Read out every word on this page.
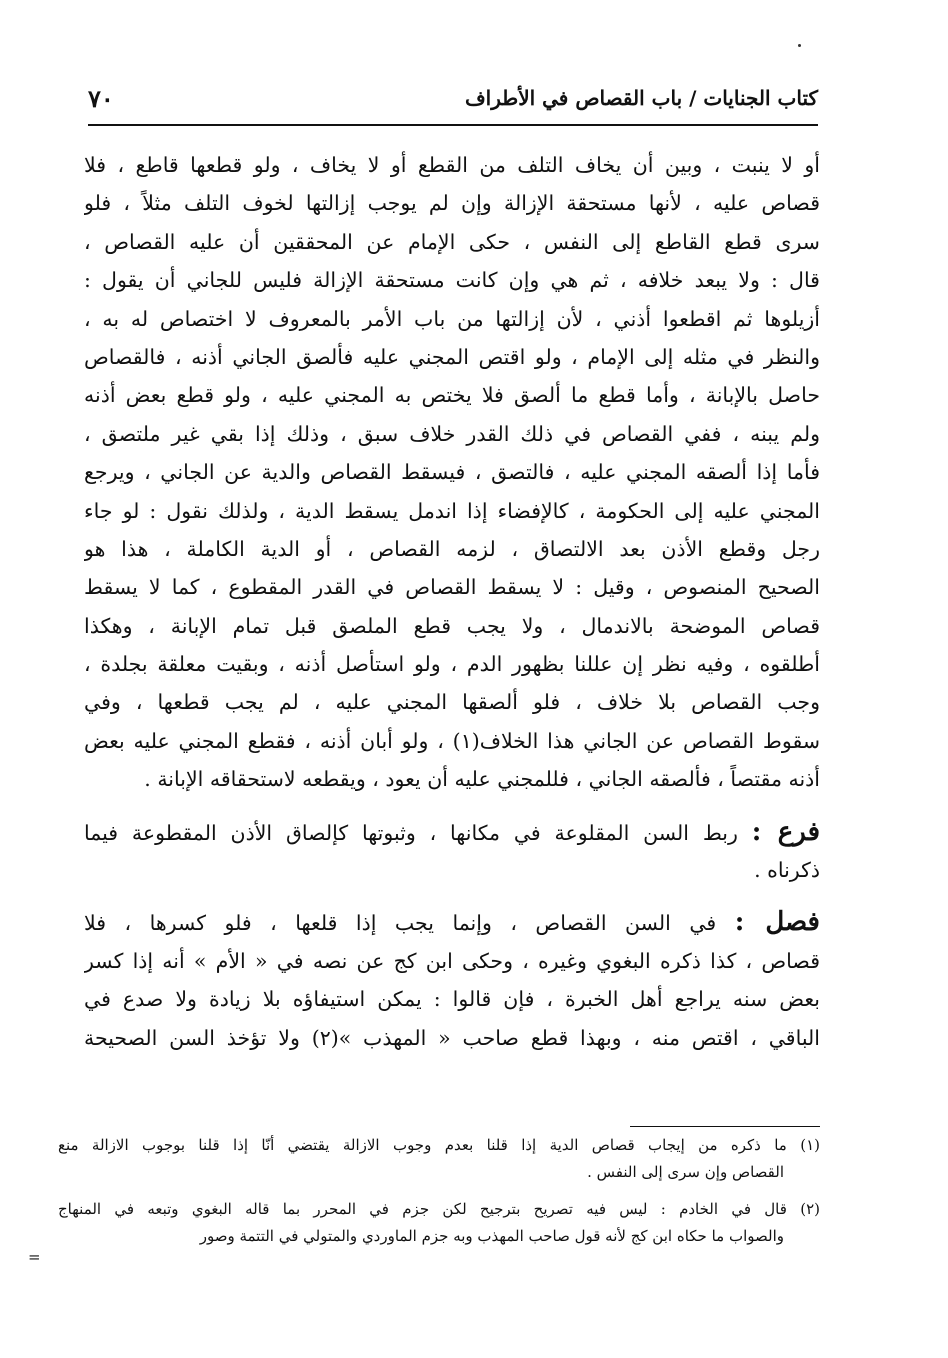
كتاب الجنايات / باب القصاص في الأطراف
٧٠
أو لا ينبت ، وبين أن يخاف التلف من القطع أو لا يخاف ، ولو قطعها قاطع ، فلا
قصاص عليه ، لأنها مستحقة الإزالة وإن لم يوجب إزالتها لخوف التلف مثلاً ، فلو
سرى قطع القاطع إلى النفس ، حكى الإمام عن المحققين أن عليه القصاص ،
قال : ولا يبعد خلافه ، ثم هي وإن كانت مستحقة الإزالة فليس للجاني أن يقول :
أزيلوها ثم اقطعوا أذني ، لأن إزالتها من باب الأمر بالمعروف لا اختصاص له به ،
والنظر في مثله إلى الإمام ، ولو اقتص المجني عليه فألصق الجاني أذنه ، فالقصاص
حاصل بالإبانة ، وأما قطع ما ألصق فلا يختص به المجني عليه ، ولو قطع بعض أذنه
ولم يبنه ، ففي القصاص في ذلك القدر خلاف سبق ، وذلك إذا بقي غير ملتصق ،
فأما إذا ألصقه المجني عليه ، فالتصق ، فيسقط القصاص والدية عن الجاني ، ويرجع
المجني عليه إلى الحكومة ، كالإفضاء إذا اندمل يسقط الدية ، ولذلك نقول : لو جاء
رجل وقطع الأذن بعد الالتصاق ، لزمه القصاص ، أو الدية الكاملة ، هذا هو
الصحيح المنصوص ، وقيل : لا يسقط القصاص في القدر المقطوع ، كما لا يسقط
قصاص الموضحة بالاندمال ، ولا يجب قطع الملصق قبل تمام الإبانة ، وهكذا
أطلقوه ، وفيه نظر إن عللنا بظهور الدم ، ولو استأصل أذنه ، وبقيت معلقة بجلدة ،
وجب القصاص بلا خلاف ، فلو ألصقها المجني عليه ، لم يجب قطعها ، وفي
سقوط القصاص عن الجاني هذا الخلاف(١) ، ولو أبان أذنه ، فقطع المجني عليه بعض
أذنه مقتصاً ، فألصقه الجاني ، فللمجني عليه أن يعود ، ويقطعه لاستحقاقه الإبانة .
فرع : ربط السن المقلوعة في مكانها ، وثبوتها كإلصاق الأذن المقطوعة فيما
ذكرناه .
فصل : في السن القصاص ، وإنما يجب إذا قلعها ، فلو كسرها ، فلا
قصاص ، كذا ذكره البغوي وغيره ، وحكى ابن كج عن نصه في « الأم » أنه إذا كسر
بعض سنه يراجع أهل الخبرة ، فإن قالوا : يمكن استيفاؤه بلا زيادة ولا صدع في
الباقي ، اقتص منه ، وبهذا قطع صاحب « المهذب »(٢) ولا تؤخذ السن الصحيحة
(١) ما ذكره من إيجاب قصاص الدية إذا قلنا بعدم وجوب الازالة يقتضي أنّا إذا قلنا بوجوب الازالة منع
القصاص وإن سرى إلى النفس .
(٢) قال في الخادم : ليس فيه تصريح بترجيح لكن جزم في المحرر بما قاله البغوي وتبعه في المنهاج
والصواب ما حكاه ابن كج لأنه قول صاحب المهذب وبه جزم الماوردي والمتولي في التتمة وصور
=
